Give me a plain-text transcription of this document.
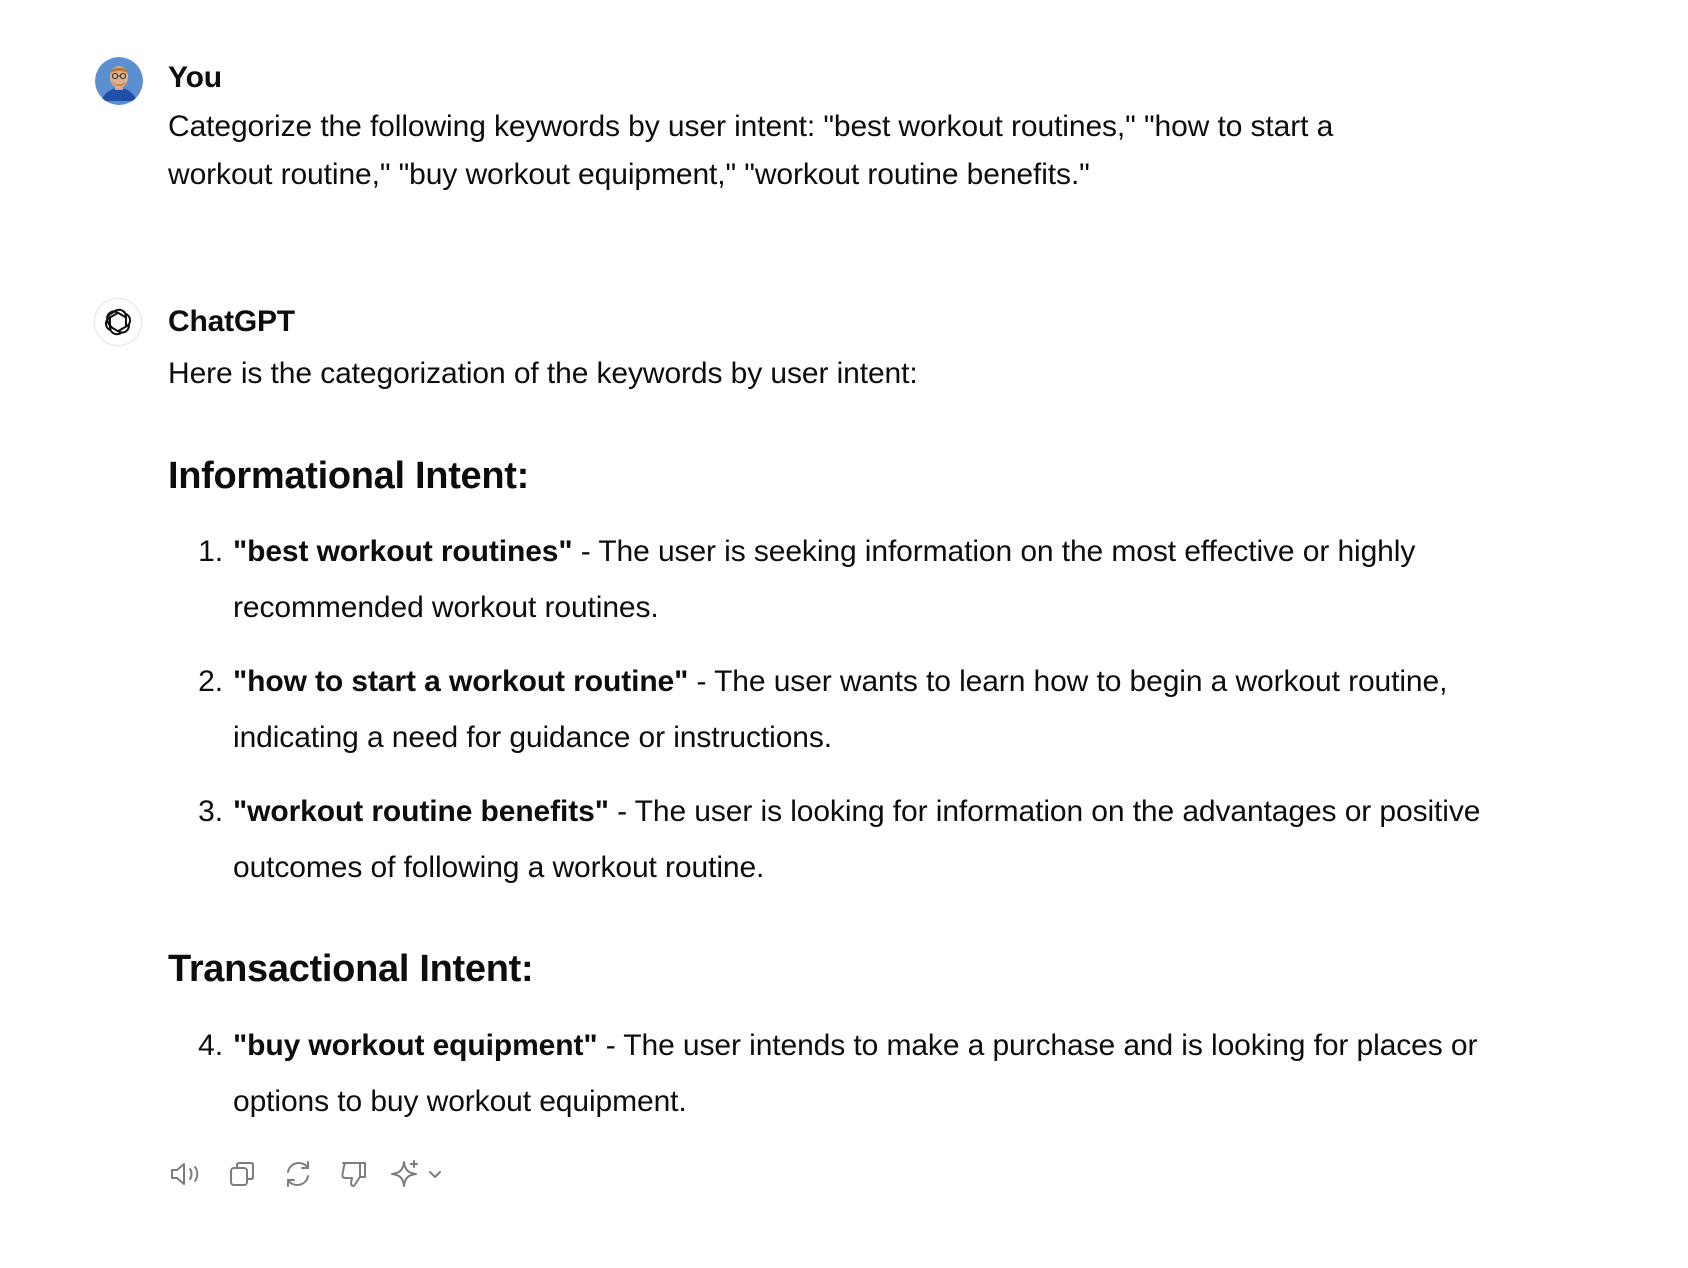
You
Categorize the following keywords by user intent: "best workout routines," "how to start a
workout routine," "buy workout equipment," "workout routine benefits."
ChatGPT
Here is the categorization of the keywords by user intent:
Informational Intent:
1. "best workout routines" - The user is seeking information on the most effective or highly
recommended workout routines.
2. "how to start a workout routine" - The user wants to learn how to begin a workout routine,
indicating a need for guidance or instructions.
3. "workout routine benefits" - The user is looking for information on the advantages or positive
outcomes of following a workout routine.
Transactional Intent:
4. "buy workout equipment" - The user intends to make a purchase and is looking for places or
options to buy workout equipment.
